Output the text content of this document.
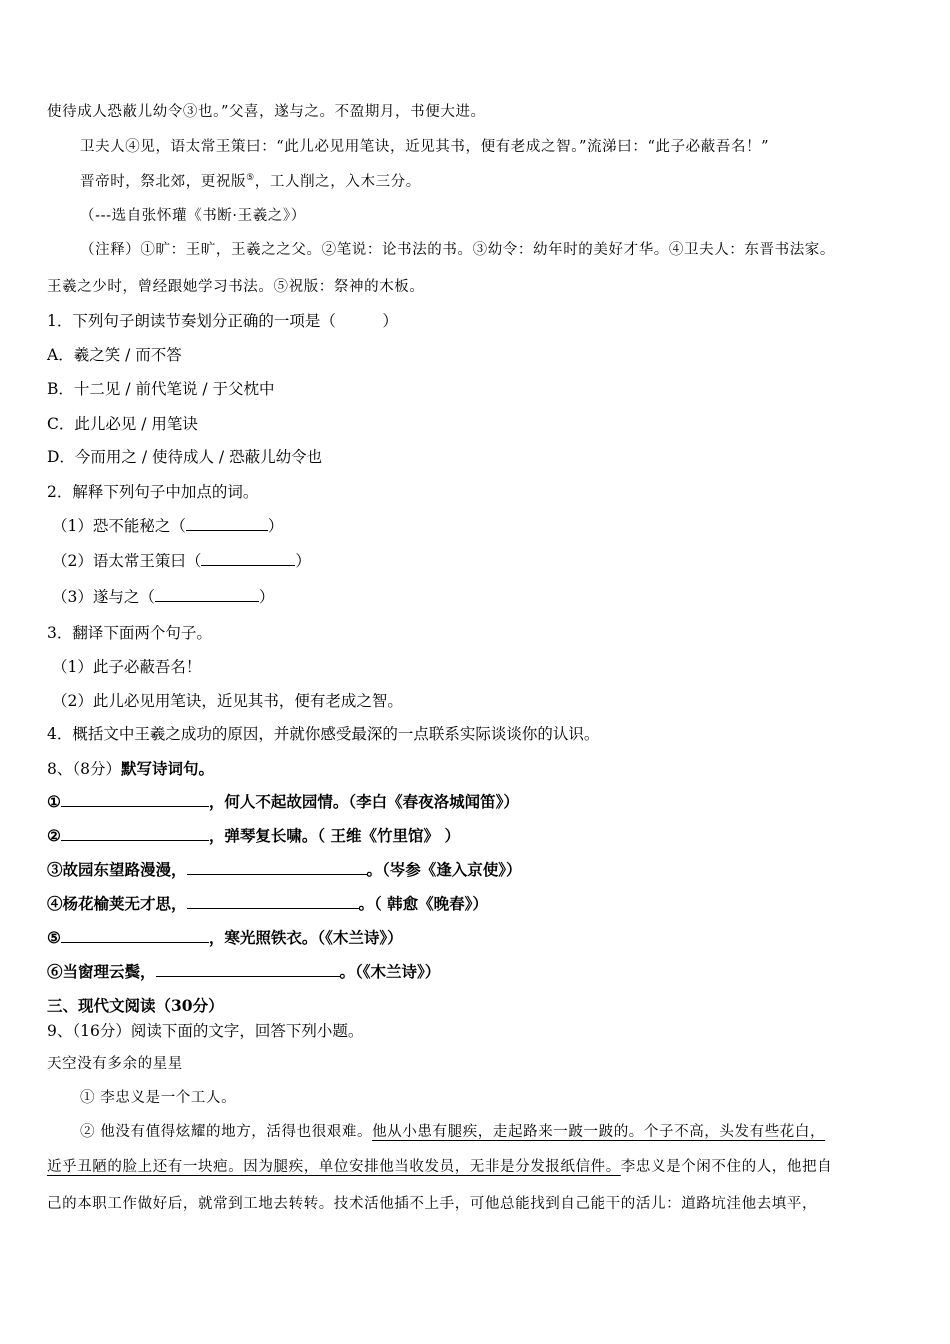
使待成人恐蔽儿幼令③也。”父喜，遂与之。不盈期月，书便大进。
卫夫人④见，语太常王策曰：“此儿必见用笔诀，近见其书，便有老成之智。”流涕曰：“此子必蔽吾名！”
晋帝时，祭北郊，更祝版⑤，工人削之，入木三分。
（---选自张怀瓘《书断·王羲之》）
（注释）①旷：王旷，王羲之之父。②笔说：论书法的书。③幼令：幼年时的美好才华。④卫夫人：东晋书法家。
王羲之少时，曾经跟她学习书法。⑤祝版：祭神的木板。
1．下列句子朗读节奏划分正确的一项是（　　　）
A．羲之笑 / 而不答
B．十二见 / 前代笔说 / 于父枕中
C．此儿必见 / 用笔诀
D．今而用之 / 使待成人 / 恐蔽儿幼令也
2．解释下列句子中加点的词。
（1）恐不能秘之（	）
（2）语太常王策曰（	）
（3）遂与之（	）
3．翻译下面两个句子。
（1）此子必蔽吾名！
（2）此儿必见用笔诀，近见其书，便有老成之智。
4．概括文中王羲之成功的原因，并就你感受最深的一点联系实际谈谈你的认识。
8、（8分）默写诗词句。
①	，何人不起故园情。（李白《春夜洛城闻笛》）
②	，弹琴复长啸。（ 王维《竹里馆》 ）
③故园东望路漫漫，	。（岑参《逢入京使》）
④杨花榆荚无才思，	。（ 韩愈《晚春》）
⑤	，寒光照铁衣。（《木兰诗》）
⑥当窗理云鬓，	。（《木兰诗》）
三、现代文阅读（30分）
9、（16分）阅读下面的文字，回答下列小题。
天空没有多余的星星
① 李忠义是一个工人。
② 他没有值得炫耀的地方，活得也很艰难。他从小患有腿疾，走起路来一跛一跛的。个子不高，头发有些花白，
近乎丑陋的脸上还有一块疤。因为腿疾，单位安排他当收发员，无非是分发报纸信件。李忠义是个闲不住的人，他把自
己的本职工作做好后，就常到工地去转转。技术活他插不上手，可他总能找到自己能干的活儿：道路坑洼他去填平，
